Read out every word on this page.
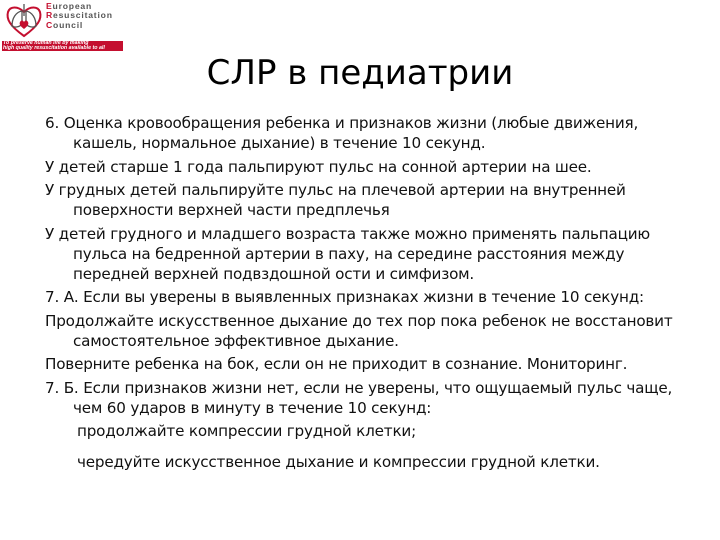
European
Resuscitation
Council
To preserve human life by making
high quality resuscitation available to all
СЛР в педиатрии
6. Оценка кровообращения ребенка и признаков жизни (любые движения, кашель, нормальное дыхание) в течение 10 секунд.
У детей старше 1 года пальпируют пульс на сонной артерии на шее.
У грудных детей пальпируйте пульс на плечевой артерии на внутренней поверхности верхней части предплечья
У детей грудного и младшего возраста также можно применять пальпацию пульса на бедренной артерии в паху, на середине расстояния между передней верхней подвздошной ости и симфизом.
7. А. Если вы уверены в выявленных признаках жизни в течение 10 секунд:
Продолжайте искусственное дыхание до тех пор пока ребенок не восстановит самостоятельное эффективное дыхание.
Поверните ребенка на бок, если он не приходит в сознание. Мониторинг.
7. Б. Если признаков жизни нет, если не уверены, что ощущаемый пульс чаще, чем 60 ударов в минуту в течение 10 секунд:
продолжайте компрессии грудной клетки;
чередуйте искусственное дыхание и компрессии грудной клетки.
